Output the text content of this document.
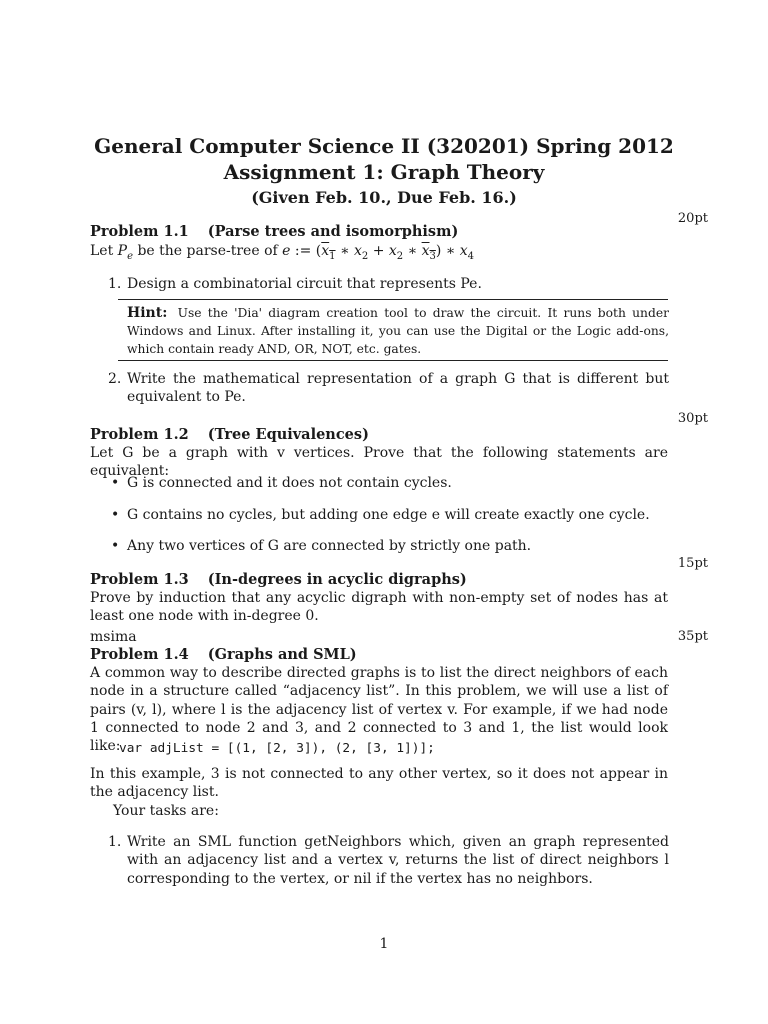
General Computer Science II (320201) Spring 2012
Assignment 1: Graph Theory
(Given Feb. 10., Due Feb. 16.)
20pt
Problem 1.1 (Parse trees and isomorphism)
Let $P_e$ be the parse-tree of e := ($x_1$ ∗ $x_2 + x_2$ ∗ $x_3$) ∗ $x_4$
1. Design a combinatorial circuit that represents Pe.
Hint: Use the 'Dia' diagram creation tool to draw the circuit. It runs both under Windows and Linux. After installing it, you can use the Digital or the Logic add-ons, which contain ready AND, OR, NOT, etc. gates.
2. Write the mathematical representation of a graph G that is different but equivalent to Pe.
30pt
Problem 1.2 (Tree Equivalences)
Let G be a graph with v vertices. Prove that the following statements are equivalent:
• G is connected and it does not contain cycles.
• G contains no cycles, but adding one edge e will create exactly one cycle.
• Any two vertices of G are connected by strictly one path.
15pt
Problem 1.3 (In-degrees in acyclic digraphs)
Prove by induction that any acyclic digraph with non-empty set of nodes has at least one node with in-degree 0.
msima	35pt
Problem 1.4 (Graphs and SML)
A common way to describe directed graphs is to list the direct neighbors of each node in a structure called “adjacency list”. In this problem, we will use a list of pairs (v, l), where l is the adjacency list of vertex v. For example, if we had node 1 connected to node 2 and 3, and 2 connected to 3 and 1, the list would look like:
var adjList = [(1, [2, 3]), (2, [3, 1])];
In this example, 3 is not connected to any other vertex, so it does not appear in the adjacency list.
Your tasks are:
1. Write an SML function getNeighbors which, given an graph represented with an adjacency list and a vertex v, returns the list of direct neighbors l corresponding to the vertex, or nil if the vertex has no neighbors.
1
